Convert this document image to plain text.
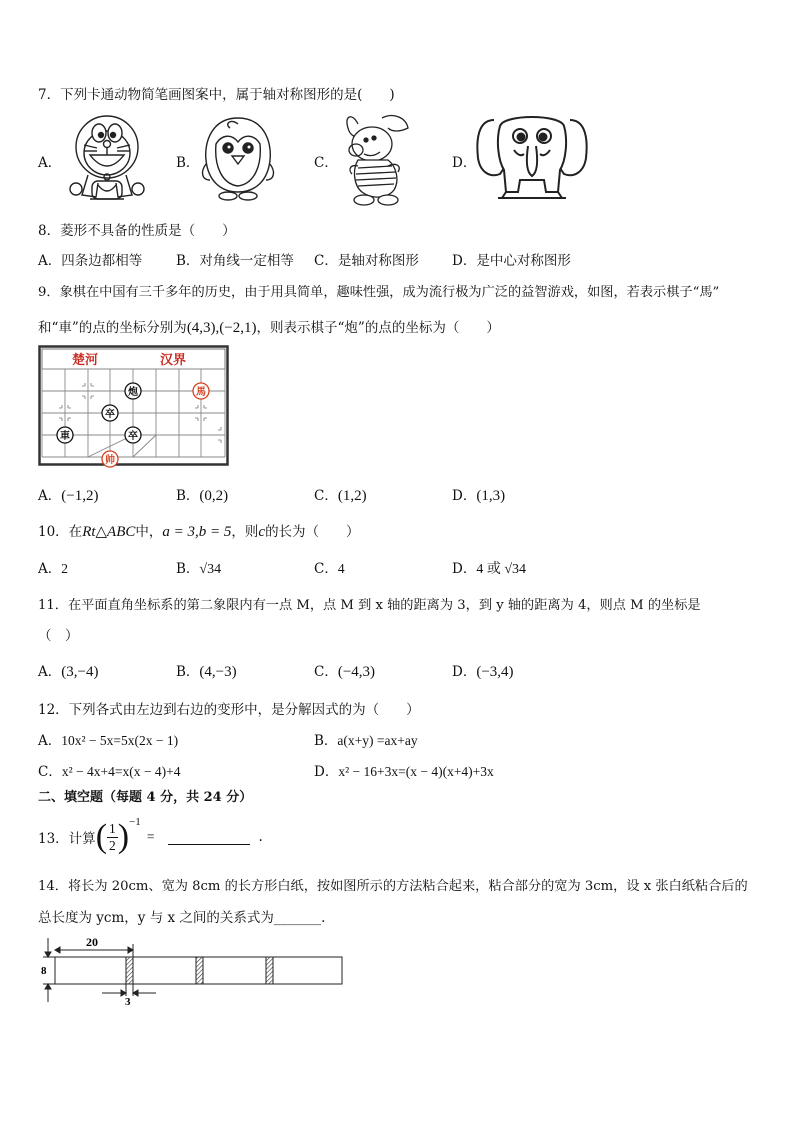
7．下列卡通动物简笔画图案中，属于轴对称图形的是(　　)
A．	B．	C．	D．
8．菱形不具备的性质是（　　）
A．四条边都相等	B．对角线一定相等 C．是轴对称图形 D．是中心对称图形
9．象棋在中国有三千多年的历史，由于用具简单，趣味性强，成为流行极为广泛的益智游戏，如图，若表示棋子“馬”
和“車”的点的坐标分别为(4,3),(−2,1)，则表示棋子“炮”的点的坐标为（　　）
楚河	汉界
炮	馬
卒
車	卒
帅
A．(−1,2)	B．(0,2)	C．(1,2)	D．(1,3)
10．在Rt△ABC中，a = 3,b = 5，则c的长为（　　）
A．2	B．√34	C．4	D．4 或 √34
11．在平面直角坐标系的第二象限内有一点 M，点 M 到 x 轴的距离为 3，到 y 轴的距离为 4，则点 M 的坐标是
（　）
A．(3,−4)	B．(4,−3)	C．(−4,3)	D．(−3,4)
12．下列各式由左边到右边的变形中，是分解因式的为（　　）
A．10x² − 5x=5x(2x − 1)	B．a(x+y) =ax+ay
C．x² − 4x+4=x(x − 4)+4	D．x² − 16+3x=(x − 4)(x+4)+3x
二、填空题（每题 4 分，共 24 分）
13．计算 ( $\frac{1}{2}$ ) −1
=	.
14．将长为 20cm、宽为 8cm 的长方形白纸，按如图所示的方法粘合起来，粘合部分的宽为 3cm，设 x 张白纸粘合后的
总长度为 ycm，y 与 x 之间的关系式为_______.
20
8
3
